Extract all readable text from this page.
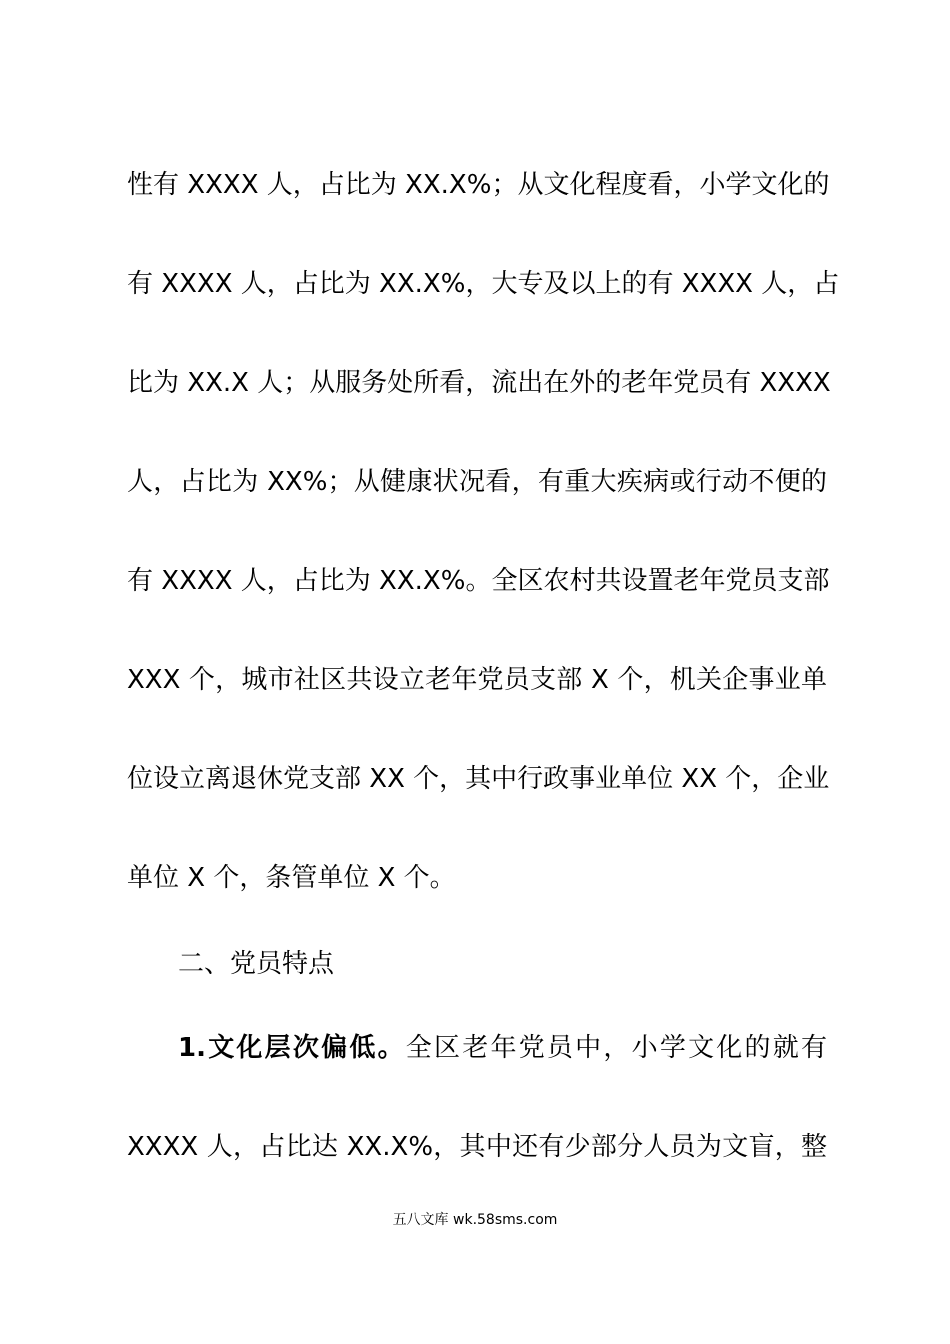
性有 XXXX 人，占比为 XX.X%；从文化程度看，小学文化的
有 XXXX 人，占比为 XX.X%，大专及以上的有 XXXX 人，占
比为 XX.X 人；从服务处所看，流出在外的老年党员有 XXXX
人，占比为 XX%；从健康状况看，有重大疾病或行动不便的
有 XXXX 人，占比为 XX.X%。全区农村共设置老年党员支部
XXX 个，城市社区共设立老年党员支部 X 个，机关企事业单
位设立离退休党支部 XX 个，其中行政事业单位 XX 个，企业
单位 X 个，条管单位 X 个。
二、党员特点
1.文化层次偏低。全区老年党员中，小学文化的就有
XXXX 人，占比达 XX.X%，其中还有少部分人员为文盲，整
五八文库 wk.58sms.com
